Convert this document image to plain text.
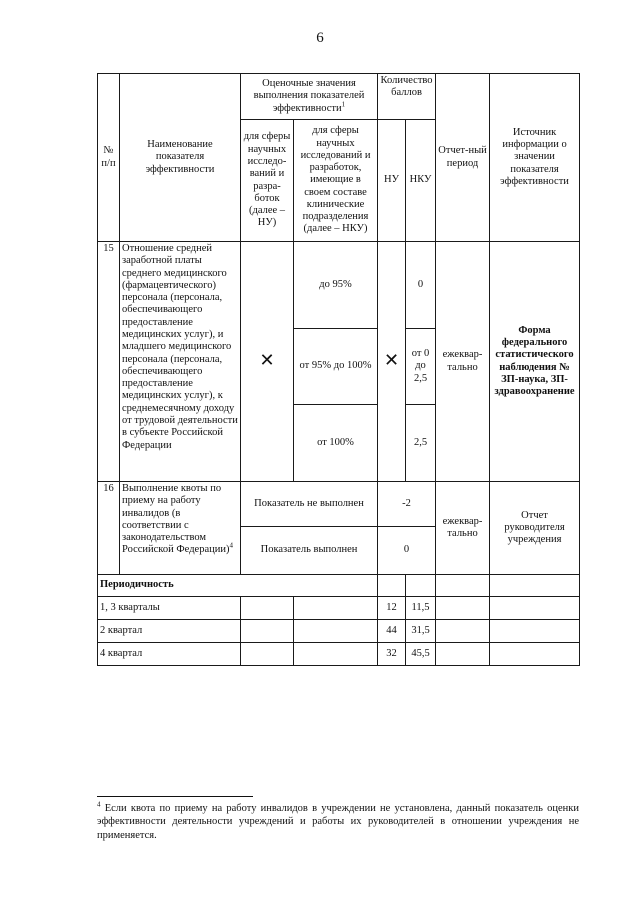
6
№ п/п	Наименование показателя эффективности	Оценочные значения выполнения показателей эффективности$^1$		Количество баллов		Отчет-ный период	Источник информации о значении показателя эффективности
		для сферы научных исследо-ваний и разра-боток (далее – НУ)	для сферы научных исследований и разработок, имеющие в своем составе клинические подразделения (далее – НКУ)	НУ	НКУ		
15	Отношение средней заработной платы среднего медицинского (фармацевтического) персонала (персонала, обеспечивающего предоставление медицинских услуг), и младшего медицинского персонала (персонала, обеспечивающего предоставление медицинских услуг), к среднемесячному доходу от трудовой деятельности в субъекте Российской Федерации	✕	до 95%	✕	0	ежеквар-тально	Форма федерального статистического наблюдения № ЗП-наука, ЗП-здравоохранение
			от 95% до 100%		от 0 до 2,5		
			от 100%		2,5		
16	Выполнение квоты по приему на работу инвалидов (в соответствии с законодательством Российской Федерации)$^4$	Показатель не выполнен		-2		ежеквар-тально	Отчет руководителя учреждения
		Показатель выполнен		0			
Периодичность							
1, 3 кварталы				12	11,5		
2 квартал				44	31,5		
4 квартал				32	45,5		
$^4$ Если квота по приему на работу инвалидов в учреждении не установлена, данный показатель оценки эффективности деятельности учреждений и работы их руководителей в отношении учреждения не применяется.
